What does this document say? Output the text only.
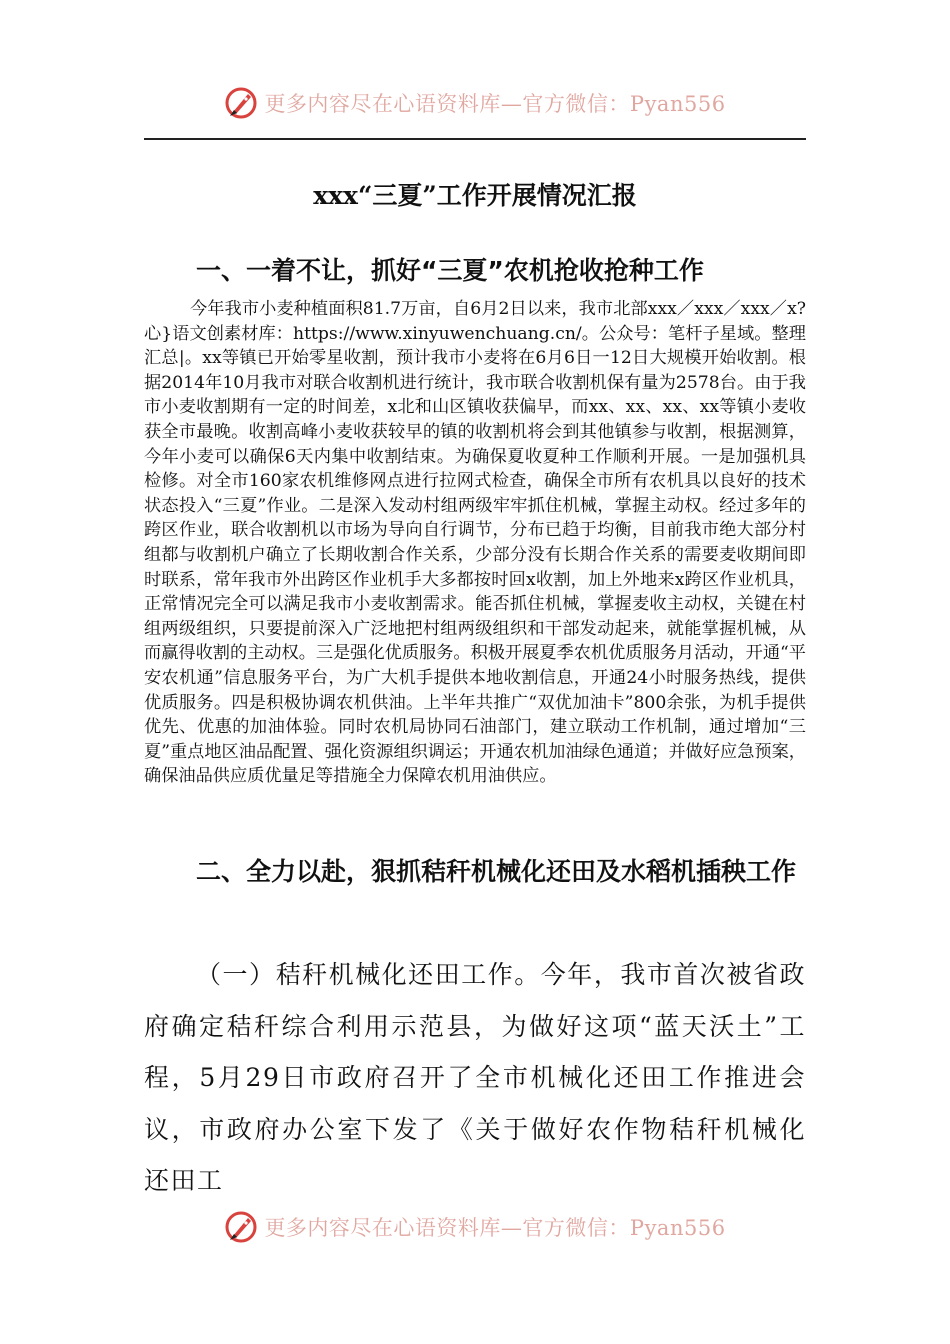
更多内容尽在心语资料库—官方微信：Pyan556
xxx“三夏”工作开展情况汇报
一、一着不让，抓好“三夏”农机抢收抢种工作

今年我市小麦种植面积81.7万亩，自6月2日以来，我市北部xxx／xxx／xxx／x?心}语文创素材库：https://www.xinyuwenchuang.cn/。公众号：笔杆子星域。整理汇总|。xx等镇已开始零星收割，预计我市小麦将在6月6日一12日大规模开始收割。根据2014年10月我市对联合收割机进行统计，我市联合收割机保有量为2578台。由于我市小麦收割期有一定的时间差，x北和山区镇收获偏早，而xx、xx、xx、xx等镇小麦收获全市最晚。收割高峰小麦收获较早的镇的收割机将会到其他镇参与收割，根据测算，今年小麦可以确保6天内集中收割结束。为确保夏收夏种工作顺利开展。一是加强机具检修。对全市160家农机维修网点进行拉网式检查，确保全市所有农机具以良好的技术状态投入“三夏”作业。二是深入发动村组两级牢牢抓住机械，掌握主动权。经过多年的跨区作业，联合收割机以市场为导向自行调节，分布已趋于均衡，目前我市绝大部分村组都与收割机户确立了长期收割合作关系，少部分没有长期合作关系的需要麦收期间即时联系，常年我市外出跨区作业机手大多都按时回x收割，加上外地来x跨区作业机具，正常情况完全可以满足我市小麦收割需求。能否抓住机械，掌握麦收主动权，关键在村组两级组织，只要提前深入广泛地把村组两级组织和干部发动起来，就能掌握机械，从而赢得收割的主动权。三是强化优质服务。积极开展夏季农机优质服务月活动，开通“平安农机通”信息服务平台，为广大机手提供本地收割信息，开通24小时服务热线，提供优质服务。四是积极协调农机供油。上半年共推广“双优加油卡”800余张，为机手提供优先、优惠的加油体验。同时农机局协同石油部门，建立联动工作机制，通过增加“三夏”重点地区油品配置、强化资源组织调运；开通农机加油绿色通道；并做好应急预案，确保油品供应质优量足等措施全力保障农机用油供应。

二、全力以赴，狠抓秸秆机械化还田及水稻机插秧工作

（一）秸秆机械化还田工作。今年，我市首次被省政府确定秸秆综合利用示范县，为做好这项“蓝天沃土”工程，5月29日市政府召开了全市机械化还田工作推进会议，市政府办公室下发了《关于做好农作物秸秆机械化还田工

更多内容尽在心语资料库—官方微信：Pyan556
